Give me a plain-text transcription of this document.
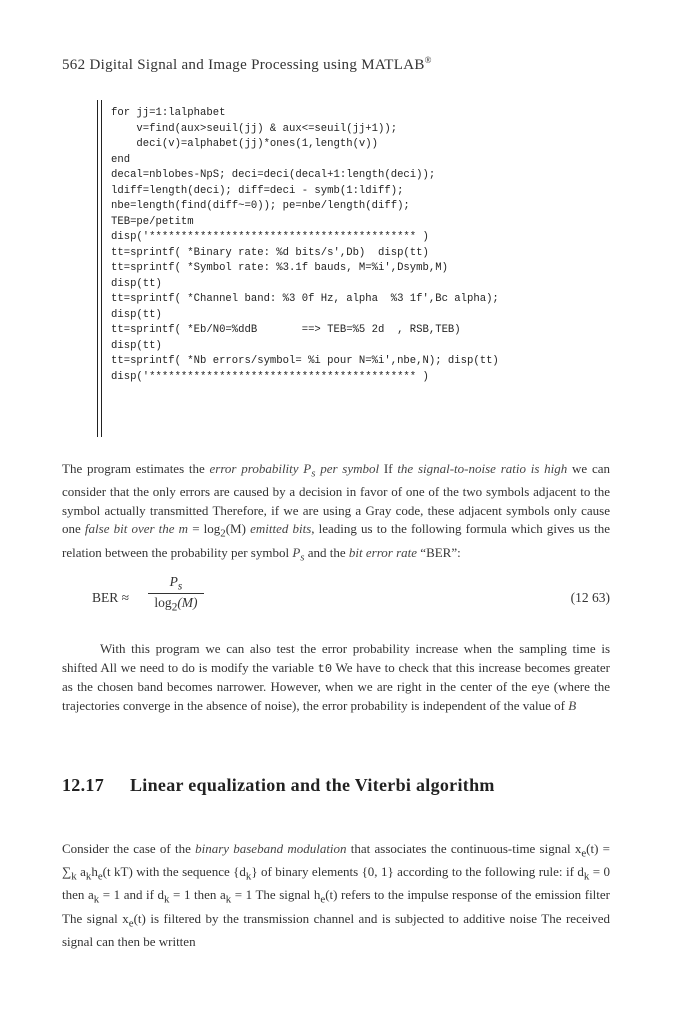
562 Digital Signal and Image Processing using MATLAB®
for jj=1:lalphabet
v=find(aux>seuil(jj) & aux<=seuil(jj+1));
deci(v)=alphabet(jj)*ones(1,length(v))
end
decal=nblobes-NpS; deci=deci(decal+1:length(deci));
ldiff=length(deci); diff=deci - symb(1:ldiff);
nbe=length(find(diff~=0)); pe=nbe/length(diff);
TEB=pe/petitm
disp('****************************************** )
tt=sprintf( *Binary rate: %d bits/s',Db)  disp(tt)
tt=sprintf( *Symbol rate: %3.1f bauds, M=%i',Dsymb,M)
disp(tt)
tt=sprintf( *Channel band: %3 0f Hz, alpha  %3 1f',Bc alpha);
disp(tt)
tt=sprintf( *Eb/N0=%ddB       ==> TEB=%5 2d  , RSB,TEB)
disp(tt)
tt=sprintf( *Nb errors/symbol= %i pour N=%i',nbe,N); disp(tt)
disp('****************************************** )

The program estimates the error probability $P_s$ per symbol If the signal-to-noise ratio is high we can consider that the only errors are caused by a decision in favor of one of the two symbols adjacent to the symbol actually transmitted Therefore, if we are using a Gray code, these adjacent symbols only cause one false bit over the $m = \log_2(M)$ emitted bits, leading us to the following formula which gives us the relation between the probability per symbol $P_s$ and the bit error rate “BER”:

BER ≈
$P_s$
$\log_2(M)$	(12 63)

With this program we can also test the error probability increase when the sampling time is shifted All we need to do is modify the variable t0 We have to check that this increase becomes greater as the chosen band becomes narrower. However, when we are right in the center of the eye (where the trajectories converge in the absence of noise), the error probability is independent of the value of B

12.17 Linear equalization and the Viterbi algorithm

Consider the case of the binary baseband modulation that associates the continuous-time signal $x_e(t) = \sum_k$ $a_kh_e(t$ kT) with the sequence $\{d_k\}$ of binary elements {0, 1} according to the following rule: if $d_k = 0$ then $a_k = 1$ and if $d_k = 1$ then $a_k = 1$ The signal $h_e(t)$ refers to the impulse response of the emission filter The signal $x_e(t)$ is filtered by the transmission channel and is subjected to additive noise The received signal can then be written
